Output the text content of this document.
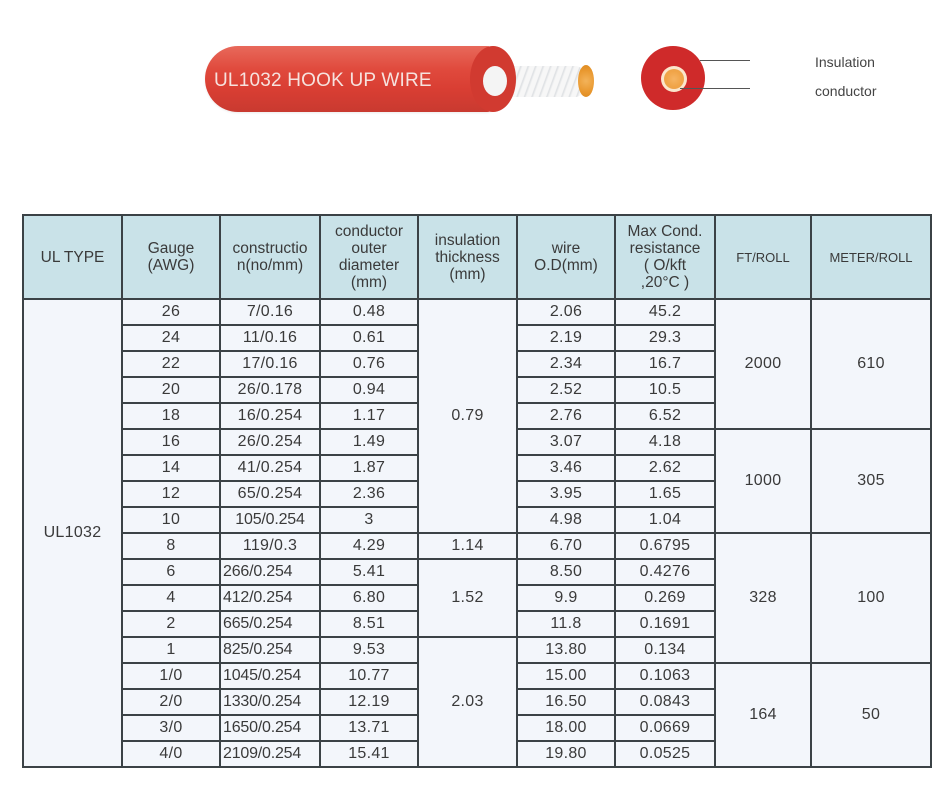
UL1032 HOOK UP WIRE
Insulation
conductor
UL TYPE	Gauge
(AWG)	constructio
n(no/mm)	conductor
outer
diameter
(mm)	insulation
thickness
(mm)	wire
O.D(mm)	Max Cond.
resistance
( O/kft
,20°C )	FT/ROLL	METER/ROLL
UL1032	26	7/0.16	0.48	0.79	2.06	45.2	2000	610
	24	11/0.16	0.61		2.19	29.3		
	22	17/0.16	0.76		2.34	16.7		
	20	26/0.178	0.94		2.52	10.5		
	18	16/0.254	1.17		2.76	6.52		
	16	26/0.254	1.49		3.07	4.18	1000	305
	14	41/0.254	1.87		3.46	2.62		
	12	65/0.254	2.36		3.95	1.65		
	10	105/0.254	3		4.98	1.04		
	8	119/0.3	4.29	1.14	6.70	0.6795	328	100
	6	266/0.254	5.41	1.52	8.50	0.4276		
	4	412/0.254	6.80		9.9	0.269		
	2	665/0.254	8.51		11.8	0.1691		
	1	825/0.254	9.53	2.03	13.80	0.134		
	1/0	1045/0.254	10.77		15.00	0.1063	164	50
	2/0	1330/0.254	12.19		16.50	0.0843		
	3/0	1650/0.254	13.71		18.00	0.0669		
	4/0	2109/0.254	15.41		19.80	0.0525		
